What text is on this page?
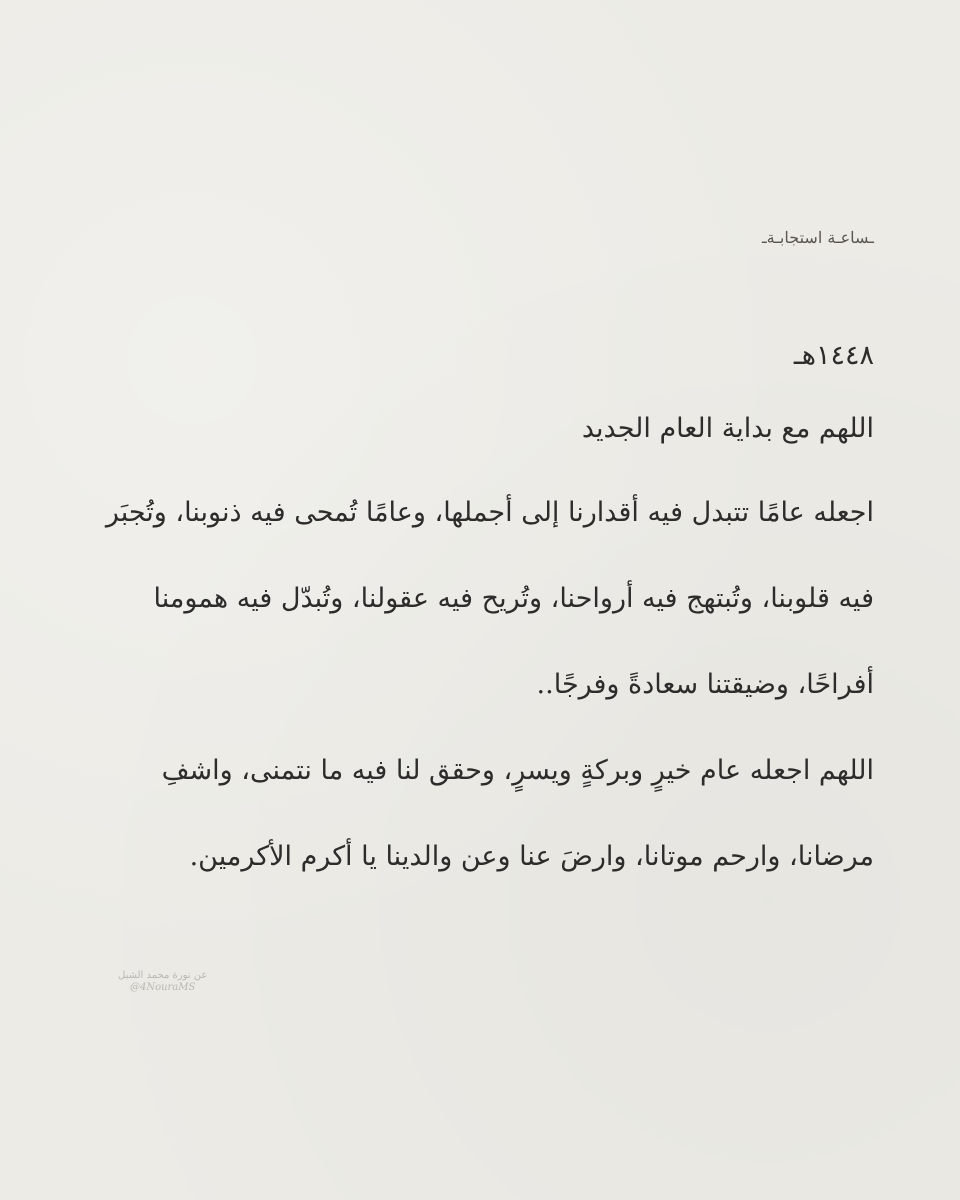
ـساعـة استجابـةـ
١٤٤٨هـ
اللهم مع بداية العام الجديد

اجعله عامًا تتبدل فيه أقدارنا إلى أجملها، وعامًا تُمحى فيه ذنوبنا، وتُجبَر فيه قلوبنا، وتُبتهج فيه أرواحنا، وتُريح فيه عقولنا، وتُبدّل فيه همومنا أفراحًا، وضيقتنا سعادةً وفرجًا..

اللهم اجعله عام خيرٍ وبركةٍ ويسرٍ، وحقق لنا فيه ما نتمنى، واشفِ مرضانا، وارحم موتانا، وارضَ عنا وعن والدينا يا أكرم الأكرمين.

عن نورة محمد الشبل
@4NouraMS
